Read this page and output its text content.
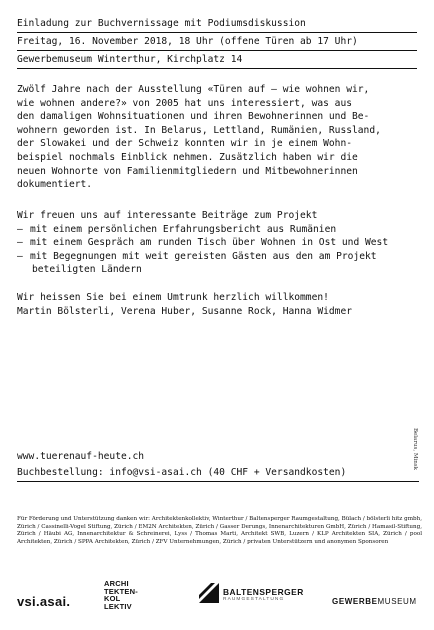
Einladung zur Buchvernissage mit Podiumsdiskussion
Freitag, 16. November 2018, 18 Uhr (offene Türen ab 17 Uhr)
Gewerbemuseum Winterthur, Kirchplatz 14
Zwölf Jahre nach der Ausstellung «Türen auf – wie wohnen wir,
wie wohnen andere?» von 2005 hat uns interessiert, was aus
den damaligen Wohnsituationen und ihren Bewohnerinnen und Be-
wohnern geworden ist. In Belarus, Lettland, Rumänien, Russland,
der Slowakei und der Schweiz konnten wir in je einem Wohn-
beispiel nochmals Einblick nehmen. Zusätzlich haben wir die
neuen Wohnorte von Familienmitgliedern und Mitbewohnerinnen
dokumentiert.
Wir freuen uns auf interessante Beiträge zum Projekt
– mit einem persönlichen Erfahrungsbericht aus Rumänien
– mit einem Gespräch am runden Tisch über Wohnen in Ost und West
– mit Begegnungen mit weit gereisten Gästen aus den am Projekt
beteiligten Ländern
Wir heissen Sie bei einem Umtrunk herzlich willkommen!
Martin Bölsterli, Verena Huber, Susanne Rock, Hanna Widmer
Belarus, Minsk
www.tuerenauf-heute.ch
Buchbestellung: info@vsi-asai.ch (40 CHF + Versandkosten)
Für Förderung und Unterstützung danken wir: Architektenkollektiv, Winterthur / Baltensperger Raumgestaltung, Bülach / bölsterli hitz gmbh, Zürich / Cassinelli-Vogel Stiftung, Zürich / EM2N Architekten, Zürich / Gasser Derungs, Innenarchitekturen GmbH, Zürich / Hamasil-Stiftung, Zürich / Häubi AG, Innenarchitektur & Schreinerei, Lyss / Thomas Marti, Architekt SWB, Luzern / KLP Architekten SIA, Zürich / pool Architekten, Zürich / SPPA Architekten, Zürich / ZFV Unternehmungen, Zürich / privaten Unterstützern und anonymen Sponsoren
vsi.asai.
ARCHI
TEKTEN-
KOL
LEKTIV
BALTENSPERGER
RAUMGESTALTUNG	GEWERBEMUSEUM
